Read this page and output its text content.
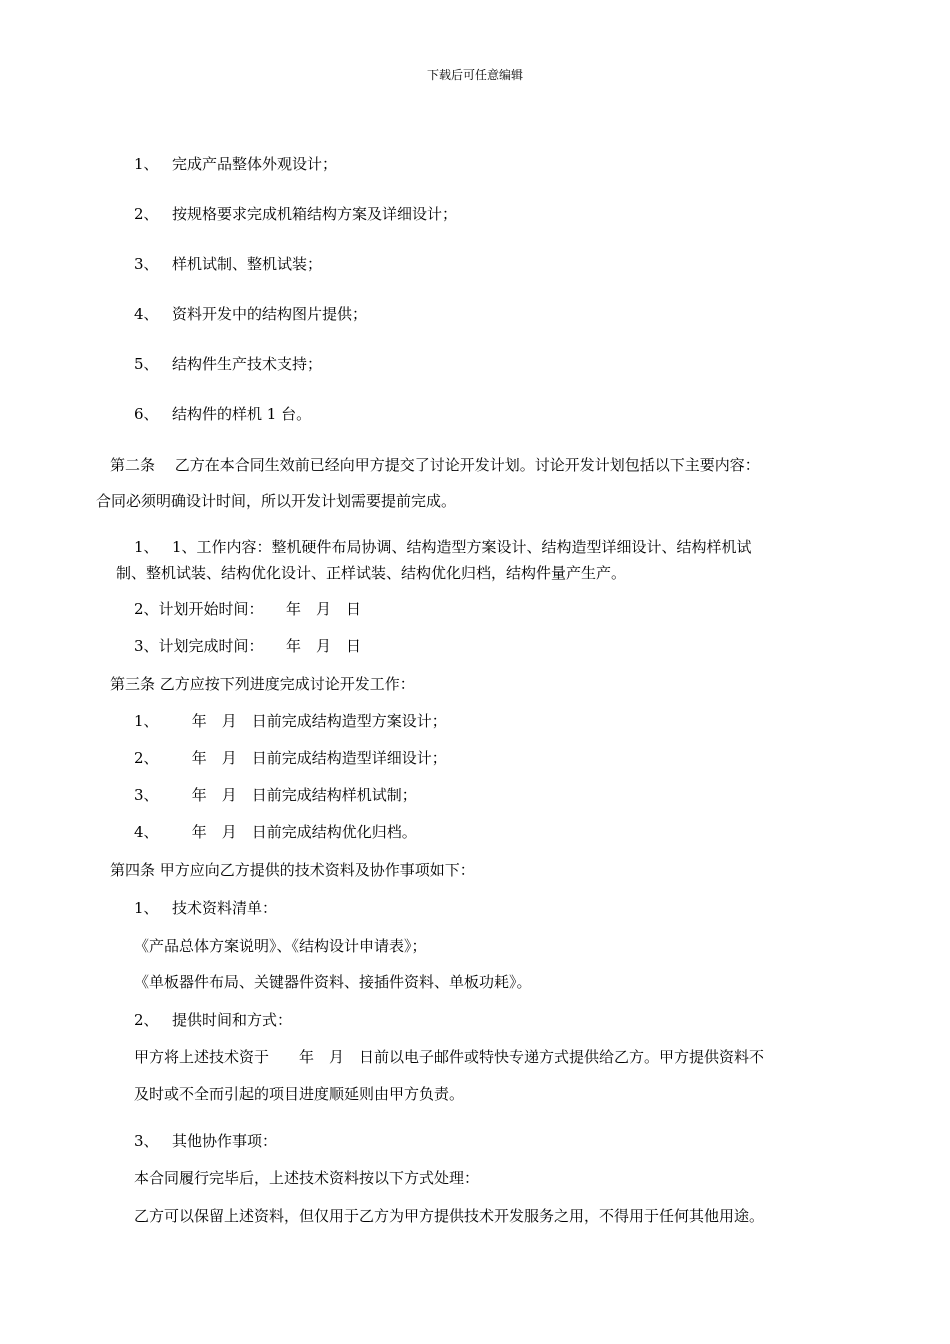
下载后可任意编辑
1、 完成产品整体外观设计；
2、 按规格要求完成机箱结构方案及详细设计；
3、 样机试制、整机试装；
4、 资料开发中的结构图片提供；
5、 结构件生产技术支持；
6、 结构件的样机 1 台。
第二条　 乙方在本合同生效前已经向甲方提交了讨论开发计划。讨论开发计划包括以下主要内容：
合同必须明确设计时间，所以开发计划需要提前完成。
1、 1、工作内容：整机硬件布局协调、结构造型方案设计、结构造型详细设计、结构样机试
制、整机试装、结构优化设计、正样试装、结构优化归档，结构件量产生产。
2、计划开始时间：　　年　月　日
3、计划完成时间：　　年　月　日
第三条 乙方应按下列进度完成讨论开发工作：
1、　 年　月　日前完成结构造型方案设计；
2、　 年　月　日前完成结构造型详细设计；
3、　 年　月　日前完成结构样机试制；
4、　 年　月　日前完成结构优化归档。
第四条 甲方应向乙方提供的技术资料及协作事项如下：
1、 技术资料清单：
《产品总体方案说明》、《结构设计申请表》；
《单板器件布局、关键器件资料、接插件资料、单板功耗》。
2、 提供时间和方式：
甲方将上述技术资于　　年　月　日前以电子邮件或特快专递方式提供给乙方。甲方提供资料不
及时或不全而引起的项目进度顺延则由甲方负责。
3、 其他协作事项：
本合同履行完毕后，上述技术资料按以下方式处理：
乙方可以保留上述资料，但仅用于乙方为甲方提供技术开发服务之用，不得用于任何其他用途。
